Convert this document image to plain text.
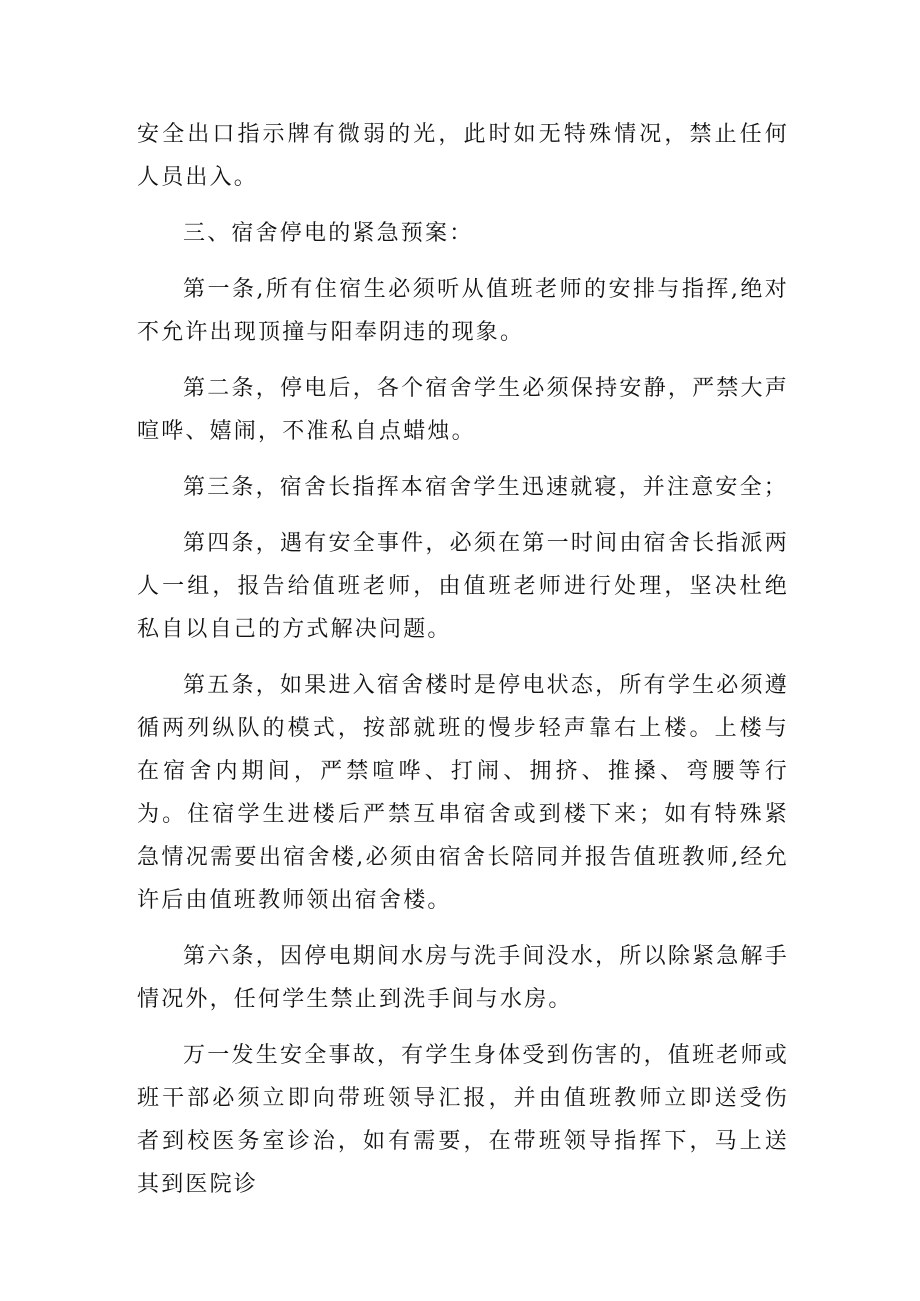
安全出口指示牌有微弱的光，此时如无特殊情况，禁止任何人员出入。

三、宿舍停电的紧急预案：

第一条,所有住宿生必须听从值班老师的安排与指挥,绝对不允许出现顶撞与阳奉阴违的现象。

第二条，停电后，各个宿舍学生必须保持安静，严禁大声喧哗、嬉闹，不准私自点蜡烛。

第三条，宿舍长指挥本宿舍学生迅速就寝，并注意安全；

第四条，遇有安全事件，必须在第一时间由宿舍长指派两人一组，报告给值班老师，由值班老师进行处理，坚决杜绝私自以自己的方式解决问题。

第五条，如果进入宿舍楼时是停电状态，所有学生必须遵循两列纵队的模式，按部就班的慢步轻声靠右上楼。上楼与在宿舍内期间，严禁喧哗、打闹、拥挤、推搡、弯腰等行为。住宿学生进楼后严禁互串宿舍或到楼下来；如有特殊紧急情况需要出宿舍楼,必须由宿舍长陪同并报告值班教师,经允许后由值班教师领出宿舍楼。

第六条，因停电期间水房与洗手间没水，所以除紧急解手情况外，任何学生禁止到洗手间与水房。

万一发生安全事故，有学生身体受到伤害的，值班老师或班干部必须立即向带班领导汇报，并由值班教师立即送受伤者到校医务室诊治，如有需要，在带班领导指挥下，马上送其到医院诊
